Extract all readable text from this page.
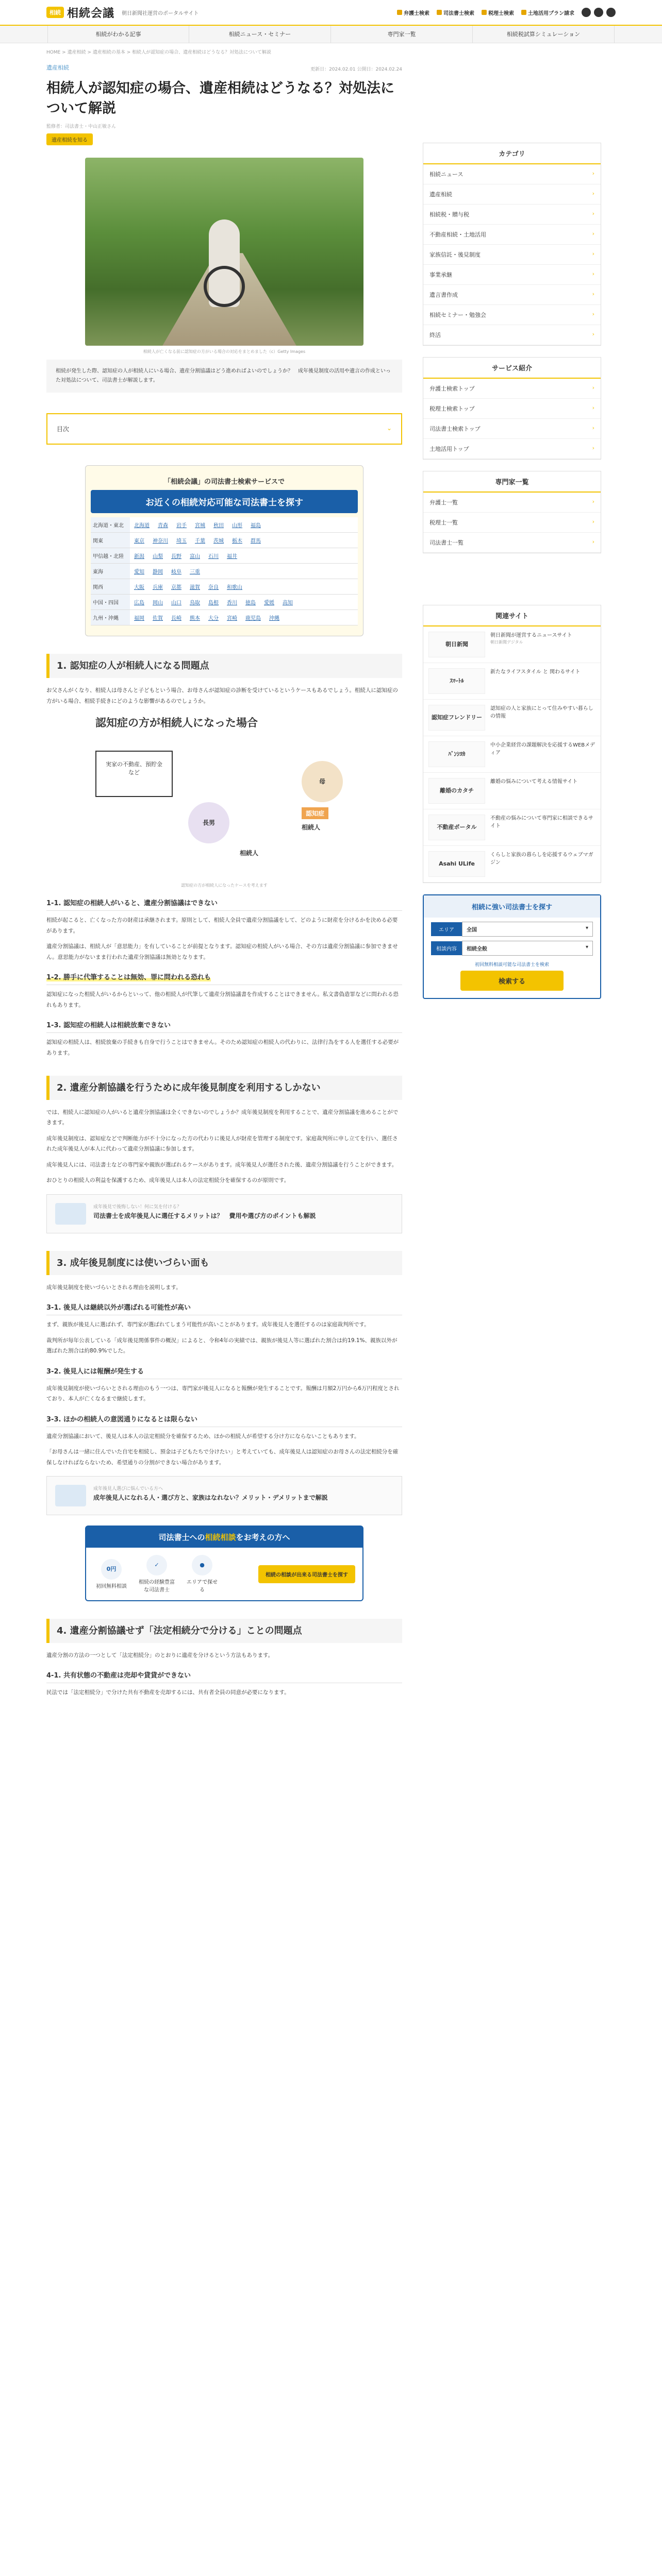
相続 相続会議 朝日新聞社運営のポータルサイト	弁護士検索	司法書士検索	税理士検索	土地活用プラン請求
相続がわかる記事	相続ニュース・セミナー	専門家一覧	相続税試算シミュレーション
HOME > 遺産相続 > 遺産相続の基本 > 相続人が認知症の場合、遺産相続はどうなる？対処法について解説
遺産相続	更新日：2024.02.01 公開日：2024.02.24
相続人が認知症の場合、遺産相続はどうなる？対処法について解説
監修者：司法書士・中山正敏さん
遺産相続を知る
相続人が亡くなる前に認知症の方がいる場合の対応をまとめました（c）Getty Images
相続が発生した際、認知症の人が相続人にいる場合、遺産分割協議はどう進めればよいのでしょうか？　成年後見制度の活用や遺言の作成といった対処法について、司法書士が解説します。
目次	⌄
「相続会議」の司法書士検索サービスで
お近くの相続対応可能な司法書士を探す
北海道・東北	北海道 青森 岩手 宮城 秋田 山形 福島
関東	東京 神奈川 埼玉 千葉 茨城 栃木 群馬
甲信越・北陸	新潟 山梨 長野 富山 石川 福井
東海	愛知 静岡 岐阜 三重
関西	大阪 兵庫 京都 滋賀 奈良 和歌山
中国・四国	広島 岡山 山口 鳥取 島根 香川 徳島 愛媛 高知
九州・沖縄	福岡 佐賀 長崎 熊本 大分 宮崎 鹿児島 沖縄
1. 認知症の人が相続人になる問題点

お父さんがくなり、相続人は母さんと子どもという場合、お母さんが認知症の診断を受けているというケースもあるでしょう。相続人に認知症の方がいる場合、相続手続きにどのような影響があるのでしょうか。

認知症の方が相続人になった場合
実家の不動産、預貯金など
母
認知症
長男
相続人
相続人
認知症の方が相続人になったケースを考えます
1-1. 認知症の相続人がいると、遺産分割協議はできない

相続が起こると、亡くなった方の財産は承継されます。原則として、相続人全員で遺産分割協議をして、どのように財産を分けるかを決める必要があります。

遺産分割協議は、相続人が「意思能力」を有していることが前提となります。認知症の相続人がいる場合、その方は遺産分割協議に参加できません。意思能力がないまま行われた遺産分割協議は無効となります。

1-2. 勝手に代筆することは無効、罪に問われる恐れも

認知症になった相続人がいるからといって、他の相続人が代筆して遺産分割協議書を作成することはできません。私文書偽造罪などに問われる恐れもあります。

1-3. 認知症の相続人は相続放棄できない

認知症の相続人は、相続放棄の手続きも自身で行うことはできません。そのため認知症の相続人の代わりに、法律行為をする人を選任する必要があります。

2. 遺産分割協議を行うために成年後見制度を利用するしかない

では、相続人に認知症の人がいると遺産分割協議は全くできないのでしょうか？成年後見制度を利用することで、遺産分割協議を進めることができます。

成年後見制度は、認知症などで判断能力が不十分になった方の代わりに後見人が財産を管理する制度です。家庭裁判所に申し立てを行い、選任された成年後見人が本人に代わって遺産分割協議に参加します。

成年後見人には、司法書士などの専門家や親族が選ばれるケースがあります。成年後見人が選任された後、遺産分割協議を行うことができます。

おひとりの相続人の利益を保護するため、成年後見人は本人の法定相続分を確保するのが原則です。

成年後見で後悔しない！何に気を付ける？
司法書士を成年後見人に選任するメリットは？　費用や選び方のポイントも解説
3. 成年後見制度には使いづらい面も

成年後見制度を使いづらいとされる理由を説明します。

3-1. 後見人は継続以外が選ばれる可能性が高い

まず、親族が後見人に選ばれず、専門家が選ばれてしまう可能性が高いことがあります。成年後見人を選任するのは家庭裁判所です。

裁判所が毎年公表している「成年後見関係事件の概況」によると、令和4年の実績では、親族が後見人等に選ばれた割合は約19.1%、親族以外が選ばれた割合は約80.9%でした。

3-2. 後見人には報酬が発生する

成年後見制度が使いづらいとされる理由のもう一つは、専門家が後見人になると報酬が発生することです。報酬は月額2万円から6万円程度とされており、本人が亡くなるまで継続します。

3-3. ほかの相続人の意図通りになるとは限らない

遺産分割協議において、後見人は本人の法定相続分を確保するため、ほかの相続人が希望する分け方にならないこともあります。

「お母さんは一緒に住んでいた自宅を相続し、預金は子どもたちで分けたい」と考えていても、成年後見人は認知症のお母さんの法定相続分を確保しなければならないため、希望通りの分割ができない場合があります。

成年後見人選びに悩んでいる方へ
成年後見人になれる人・選び方と、家族はなれない？メリット・デメリットまで解説
司法書士への相続相談をお考えの方へ
0円
初回無料相談
✓
相続の経験豊富な司法書士
●
エリアで探せる
相続の相談が出来る司法書士を探す
4. 遺産分割協議せず「法定相続分で分ける」ことの問題点

遺産分割の方法の一つとして「法定相続分」のとおりに遺産を分けるという方法もあります。

4-1. 共有状態の不動産は売却や貸貸ができない

民法では「法定相続分」で分けた共有不動産を売却するには、共有者全員の同意が必要になります。

カテゴリ
相続ニュース	›
遺産相続	›
相続税・贈与税	›
不動産相続・土地活用	›
家族信託・後見制度	›
事業承継	›
遺言書作成	›
相続セミナー・勉強会	›
終活	›
サービス紹介
弁護士検索トップ	›
税理士検索トップ	›
司法書士検索トップ	›
土地活用トップ	›
専門家一覧
弁護士一覧	›
税理士一覧	›
司法書士一覧	›
関連サイト
朝日新聞
朝日新聞が運営するニュースサイト
朝日新聞デジタル
ｽﾏｰﾄﾙ
新たなライフスタイル と 関わるサイト
認知症フレンドリー
認知症の人と家族にとって住みやすい暮らしの情報
ﾊﾞﾝｼﾖｶ
中小企業経営の課題解決を応援するWEBメディア
離婚のカタチ
離婚の悩みについて考える情報サイト
不動産ポータル
不動産の悩みについて専門家に相談できるサイト
Asahi ULife
くらしと家族の暮らしを応援するウェブマガジン
相続に強い司法書士を探す
エリア	全国	▾
相談内容	相続全般	▾
初回無料相談可能な司法書士を検索
検索する
